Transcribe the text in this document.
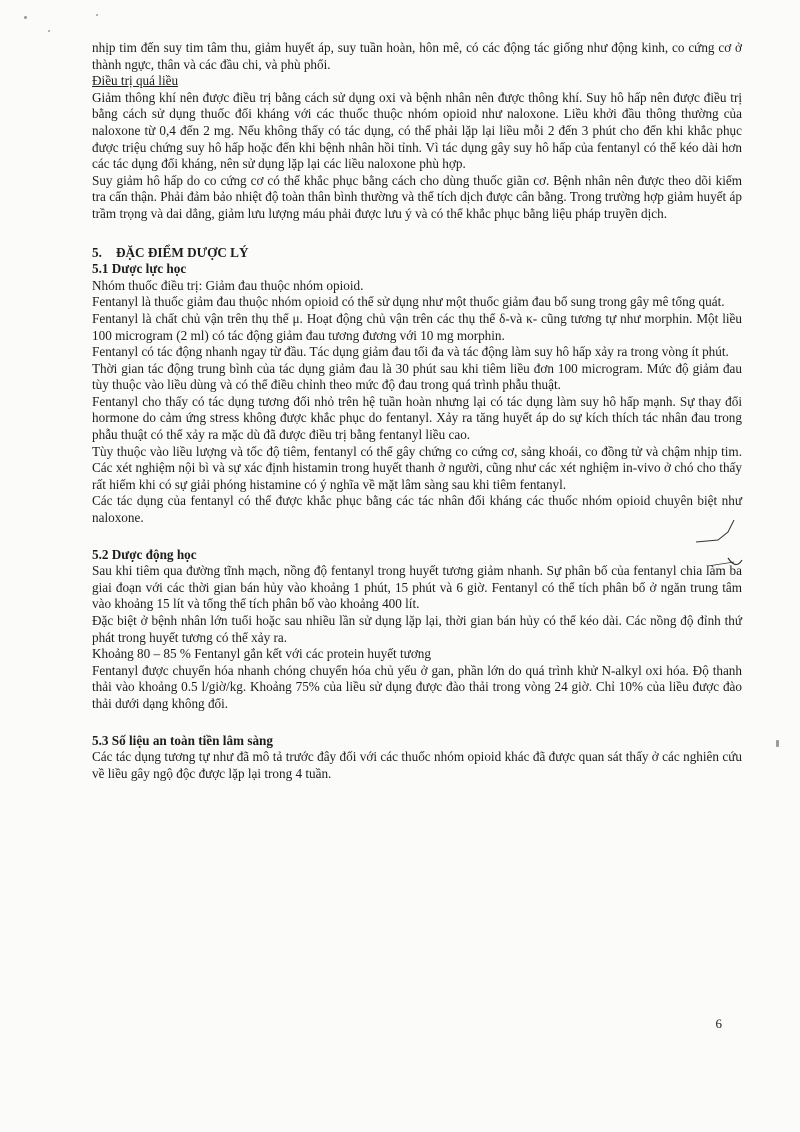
nhịp tim đến suy tim tâm thu, giảm huyết áp, suy tuần hoàn, hôn mê, có các động tác giống như động kinh, co cứng cơ ở thành ngực, thân và các đầu chi, và phù phổi.

Điều trị quá liều

Giảm thông khí nên được điều trị bằng cách sử dụng oxi và bệnh nhân nên được thông khí. Suy hô hấp nên được điều trị bằng cách sử dụng thuốc đối kháng với các thuốc thuộc nhóm opioid như naloxone. Liều khởi đầu thông thường của naloxone từ 0,4 đến 2 mg. Nếu không thấy có tác dụng, có thể phải lặp lại liều mỗi 2 đến 3 phút cho đến khi khắc phục được triệu chứng suy hô hấp hoặc đến khi bệnh nhân hồi tỉnh. Vì tác dụng gây suy hô hấp của fentanyl có thể kéo dài hơn các tác dụng đối kháng, nên sử dụng lặp lại các liều naloxone phù hợp.

Suy giảm hô hấp do co cứng cơ có thể khắc phục bằng cách cho dùng thuốc giãn cơ. Bệnh nhân nên được theo dõi kiểm tra cẩn thận. Phải đảm bảo nhiệt độ toàn thân bình thường và thể tích dịch được cân bằng. Trong trường hợp giảm huyết áp trầm trọng và dai dẳng, giảm lưu lượng máu phải được lưu ý và có thể khắc phục bằng liệu pháp truyền dịch.

5. ĐẶC ĐIỂM DƯỢC LÝ

5.1 Dược lực học

Nhóm thuốc điều trị: Giảm đau thuộc nhóm opioid.

Fentanyl là thuốc giảm đau thuộc nhóm opioid có thể sử dụng như một thuốc giảm đau bổ sung trong gây mê tổng quát.

Fentanyl là chất chủ vận trên thụ thể μ. Hoạt động chủ vận trên các thụ thể δ-và κ- cũng tương tự như morphin. Một liều 100 microgram (2 ml) có tác động giảm đau tương đương với 10 mg morphin.

Fentanyl có tác động nhanh ngay từ đầu. Tác dụng giảm đau tối đa và tác động làm suy hô hấp xảy ra trong vòng ít phút.

Thời gian tác động trung bình của tác dụng giảm đau là 30 phút sau khi tiêm liều đơn 100 microgram. Mức độ giảm đau tùy thuộc vào liều dùng và có thể điều chỉnh theo mức độ đau trong quá trình phẫu thuật.

Fentanyl cho thấy có tác dụng tương đối nhỏ trên hệ tuần hoàn nhưng lại có tác dụng làm suy hô hấp mạnh. Sự thay đổi hormone do cảm ứng stress không được khắc phục do fentanyl. Xảy ra tăng huyết áp do sự kích thích tác nhân đau trong phẫu thuật có thể xảy ra mặc dù đã được điều trị bằng fentanyl liều cao.

Tùy thuộc vào liều lượng và tốc độ tiêm, fentanyl có thể gây chứng co cứng cơ, sảng khoái, co đồng tử và chậm nhịp tim. Các xét nghiệm nội bì và sự xác định histamin trong huyết thanh ở người, cũng như các xét nghiệm in-vivo ở chó cho thấy rất hiếm khi có sự giải phóng histamine có ý nghĩa về mặt lâm sàng sau khi tiêm fentanyl.

Các tác dụng của fentanyl có thể được khắc phục bằng các tác nhân đối kháng các thuốc nhóm opioid chuyên biệt như naloxone.

5.2 Dược động học

Sau khi tiêm qua đường tĩnh mạch, nồng độ fentanyl trong huyết tương giảm nhanh. Sự phân bố của fentanyl chia làm ba giai đoạn với các thời gian bán hủy vào khoảng 1 phút, 15 phút và 6 giờ. Fentanyl có thể tích phân bố ở ngăn trung tâm vào khoảng 15 lít và tổng thể tích phân bố vào khoảng 400 lít.

Đặc biệt ở bệnh nhân lớn tuổi hoặc sau nhiều lần sử dụng lặp lại, thời gian bán hủy có thể kéo dài. Các nồng độ đỉnh thứ phát trong huyết tương có thể xảy ra.

Khoảng 80 – 85 % Fentanyl gắn kết với các protein huyết tương

Fentanyl được chuyển hóa nhanh chóng chuyển hóa chủ yếu ở gan, phần lớn do quá trình khử N-alkyl oxi hóa. Độ thanh thải vào khoảng 0.5 l/giờ/kg. Khoảng 75% của liều sử dụng được đào thải trong vòng 24 giờ. Chỉ 10% của liều được đào thải dưới dạng không đổi.

5.3 Số liệu an toàn tiền lâm sàng

Các tác dụng tương tự như đã mô tả trước đây đối với các thuốc nhóm opioid khác đã được quan sát thấy ở các nghiên cứu về liều gây ngộ độc được lặp lại trong 4 tuần.

6
